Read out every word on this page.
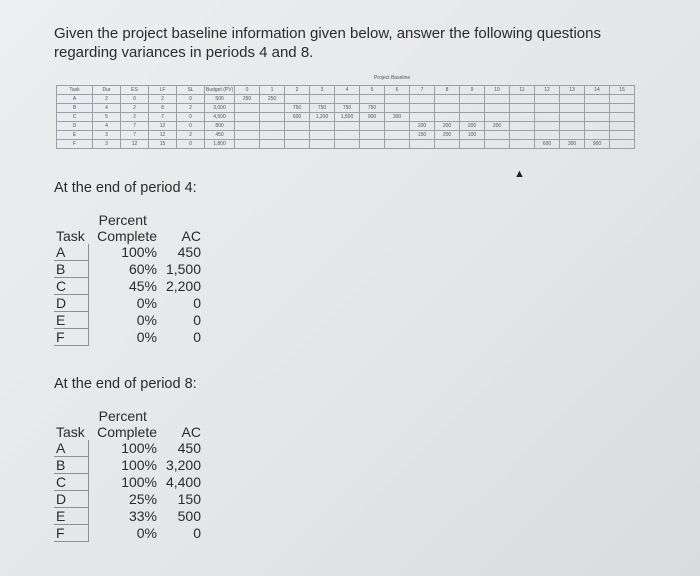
Given the project baseline information given below, answer the following questions regarding variances in periods 4 and 8.

Project Baseline
Task	Dur	ES	LF	SL	Budget (PV)	0	1	2	3	4	5	6	7	8	9	10	11	12	13	14	15
A	2	0	2	0	500	250	250														
B	4	2	8	2	3,000			750	750	750	750										
C	5	2	7	0	4,500			600	1,200	1,500	900	300									
D	4	7	12	0	800								200	200	200	200					
E	3	7	12	2	450								150	200	100						
F	3	12	15	0	1,800													600	300	900	
▲
At the end of period 4:
	Percent	
Task	Complete	AC
A	100%	450
B	60%	1,500
C	45%	2,200
D	0%	0
E	0%	0
F	0%	0
At the end of period 8:
	Percent	
Task	Complete	AC
A	100%	450
B	100%	3,200
C	100%	4,400
D	25%	150
E	33%	500
F	0%	0
